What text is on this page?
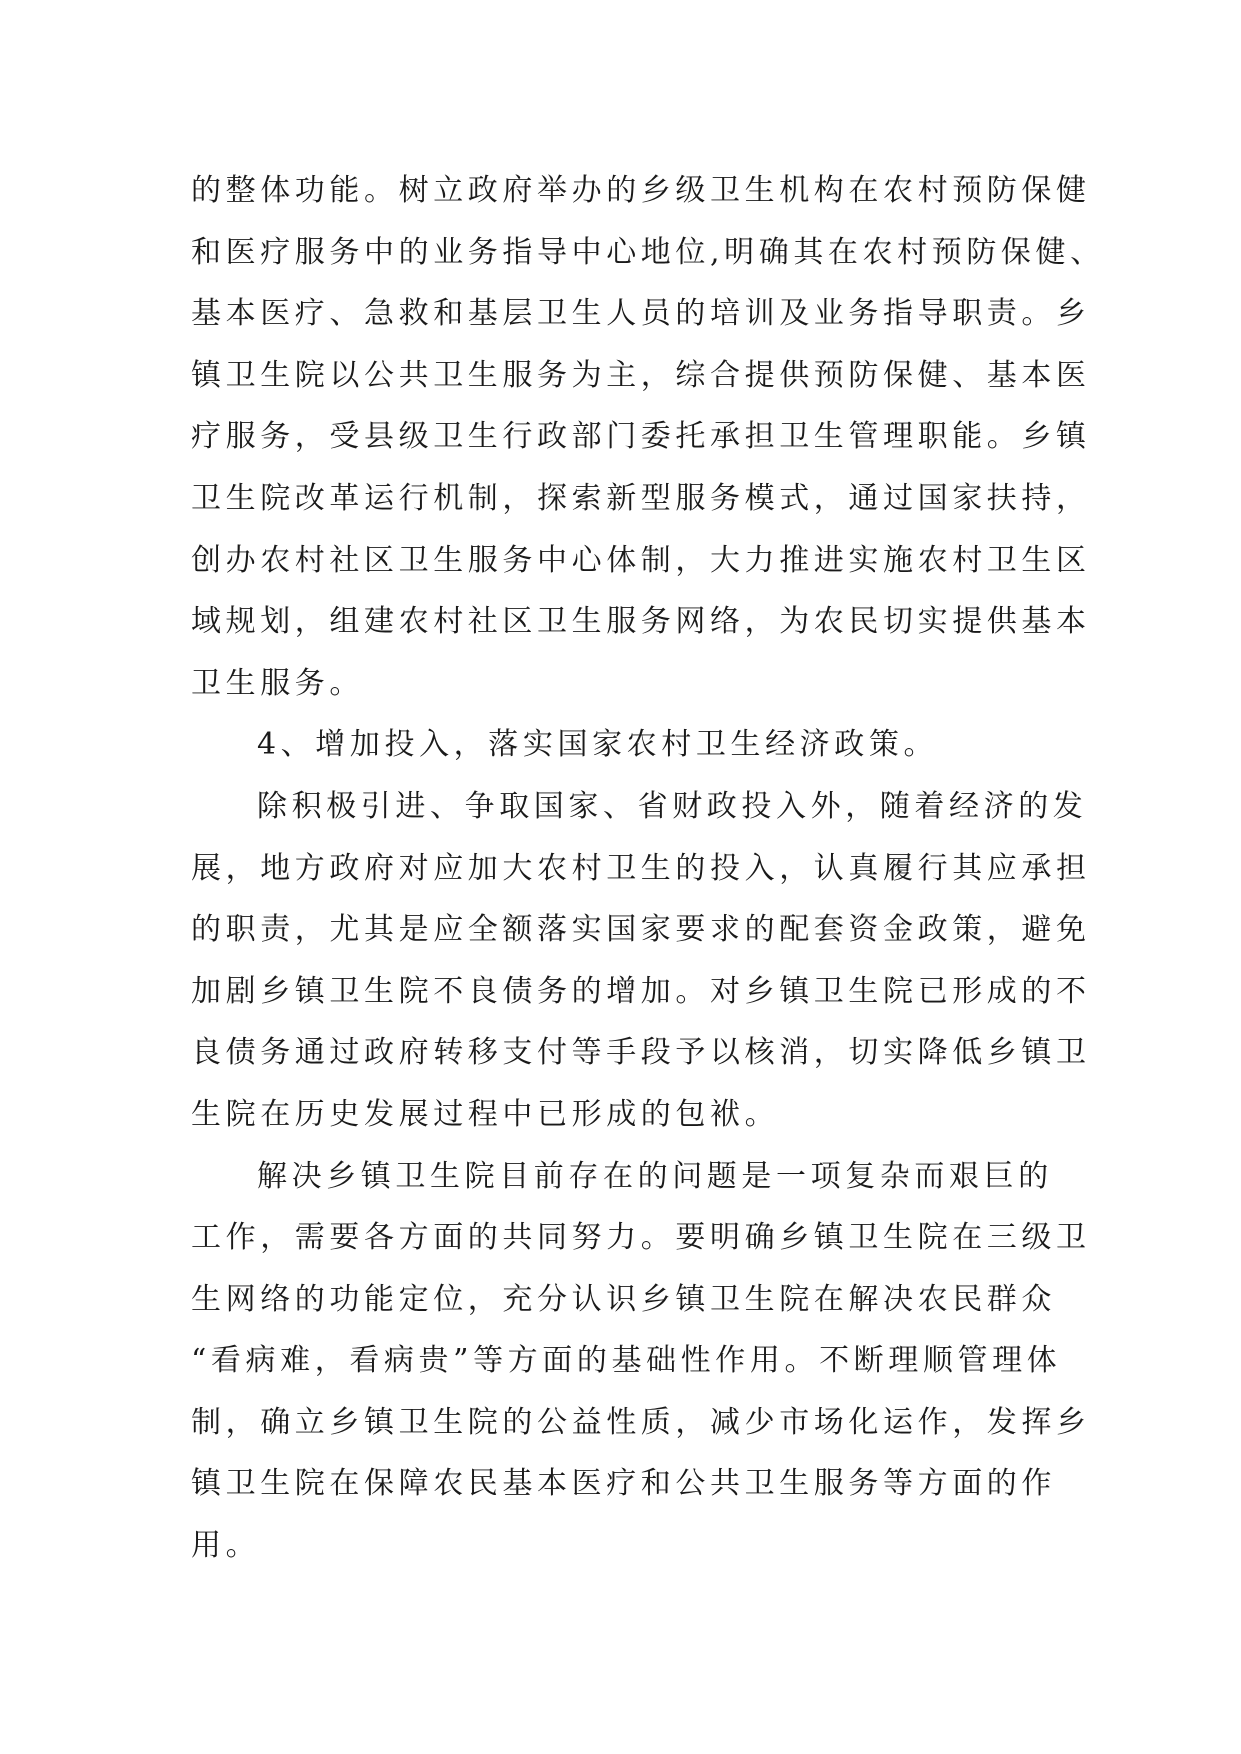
的整体功能。树立政府举办的乡级卫生机构在农村预防保健
和医疗服务中的业务指导中心地位,明确其在农村预防保健、
基本医疗、急救和基层卫生人员的培训及业务指导职责。乡
镇卫生院以公共卫生服务为主，综合提供预防保健、基本医
疗服务，受县级卫生行政部门委托承担卫生管理职能。乡镇
卫生院改革运行机制，探索新型服务模式，通过国家扶持，
创办农村社区卫生服务中心体制，大力推进实施农村卫生区
域规划，组建农村社区卫生服务网络，为农民切实提供基本
卫生服务。
4、增加投入，落实国家农村卫生经济政策。
除积极引进、争取国家、省财政投入外，随着经济的发
展，地方政府对应加大农村卫生的投入，认真履行其应承担
的职责，尤其是应全额落实国家要求的配套资金政策，避免
加剧乡镇卫生院不良债务的增加。对乡镇卫生院已形成的不
良债务通过政府转移支付等手段予以核消，切实降低乡镇卫
生院在历史发展过程中已形成的包袱。
解决乡镇卫生院目前存在的问题是一项复杂而艰巨的
工作，需要各方面的共同努力。要明确乡镇卫生院在三级卫
生网络的功能定位，充分认识乡镇卫生院在解决农民群众
“看病难，看病贵”等方面的基础性作用。不断理顺管理体
制，确立乡镇卫生院的公益性质，减少市场化运作，发挥乡
镇卫生院在保障农民基本医疗和公共卫生服务等方面的作
用。
